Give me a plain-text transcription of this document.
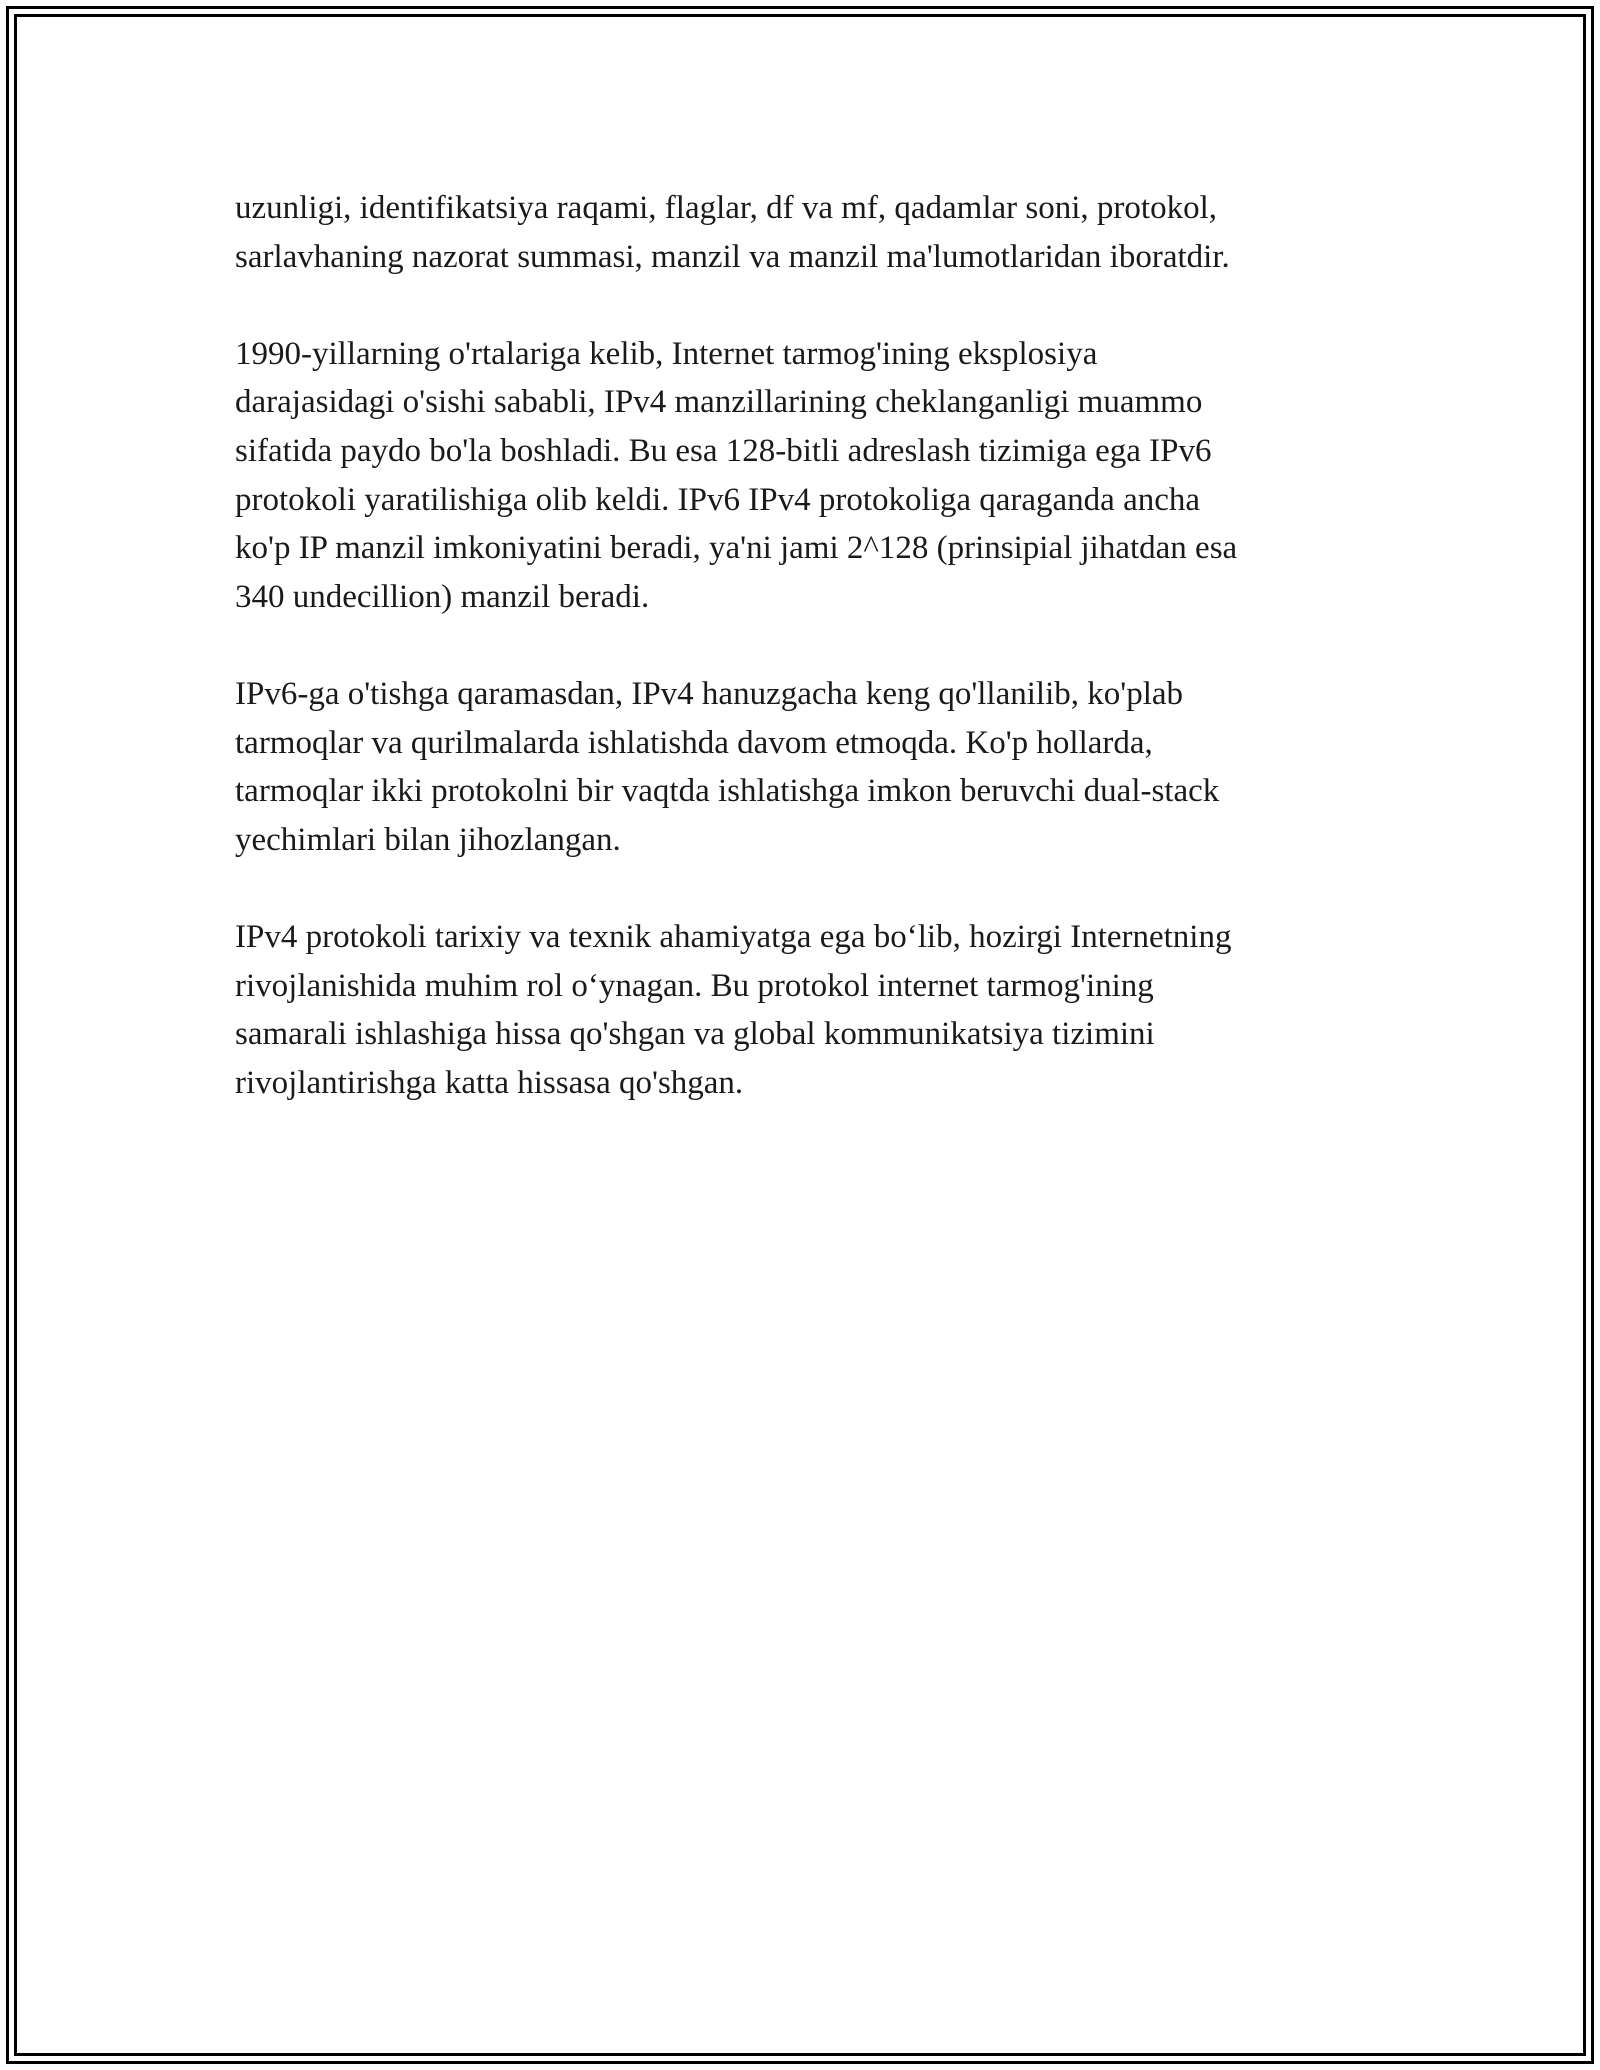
uzunligi, identifikatsiya raqami, flaglar, df va mf, qadamlar soni, protokol,
sarlavhaning nazorat summasi, manzil va manzil ma'lumotlaridan iboratdir.

1990-yillarning o'rtalariga kelib, Internet tarmog'ining eksplosiya
darajasidagi o'sishi sababli, IPv4 manzillarining cheklanganligi muammo
sifatida paydo bo'la boshladi. Bu esa 128-bitli adreslash tizimiga ega IPv6
protokoli yaratilishiga olib keldi. IPv6 IPv4 protokoliga qaraganda ancha
ko'p IP manzil imkoniyatini beradi, ya'ni jami 2^128 (prinsipial jihatdan esa
340 undecillion) manzil beradi.

IPv6-ga o'tishga qaramasdan, IPv4 hanuzgacha keng qo'llanilib, ko'plab
tarmoqlar va qurilmalarda ishlatishda davom etmoqda. Ko'p hollarda,
tarmoqlar ikki protokolni bir vaqtda ishlatishga imkon beruvchi dual-stack
yechimlari bilan jihozlangan.

IPv4 protokoli tarixiy va texnik ahamiyatga ega bo‘lib, hozirgi Internetning
rivojlanishida muhim rol o‘ynagan. Bu protokol internet tarmog'ining
samarali ishlashiga hissa qo'shgan va global kommunikatsiya tizimini
rivojlantirishga katta hissasa qo'shgan.
